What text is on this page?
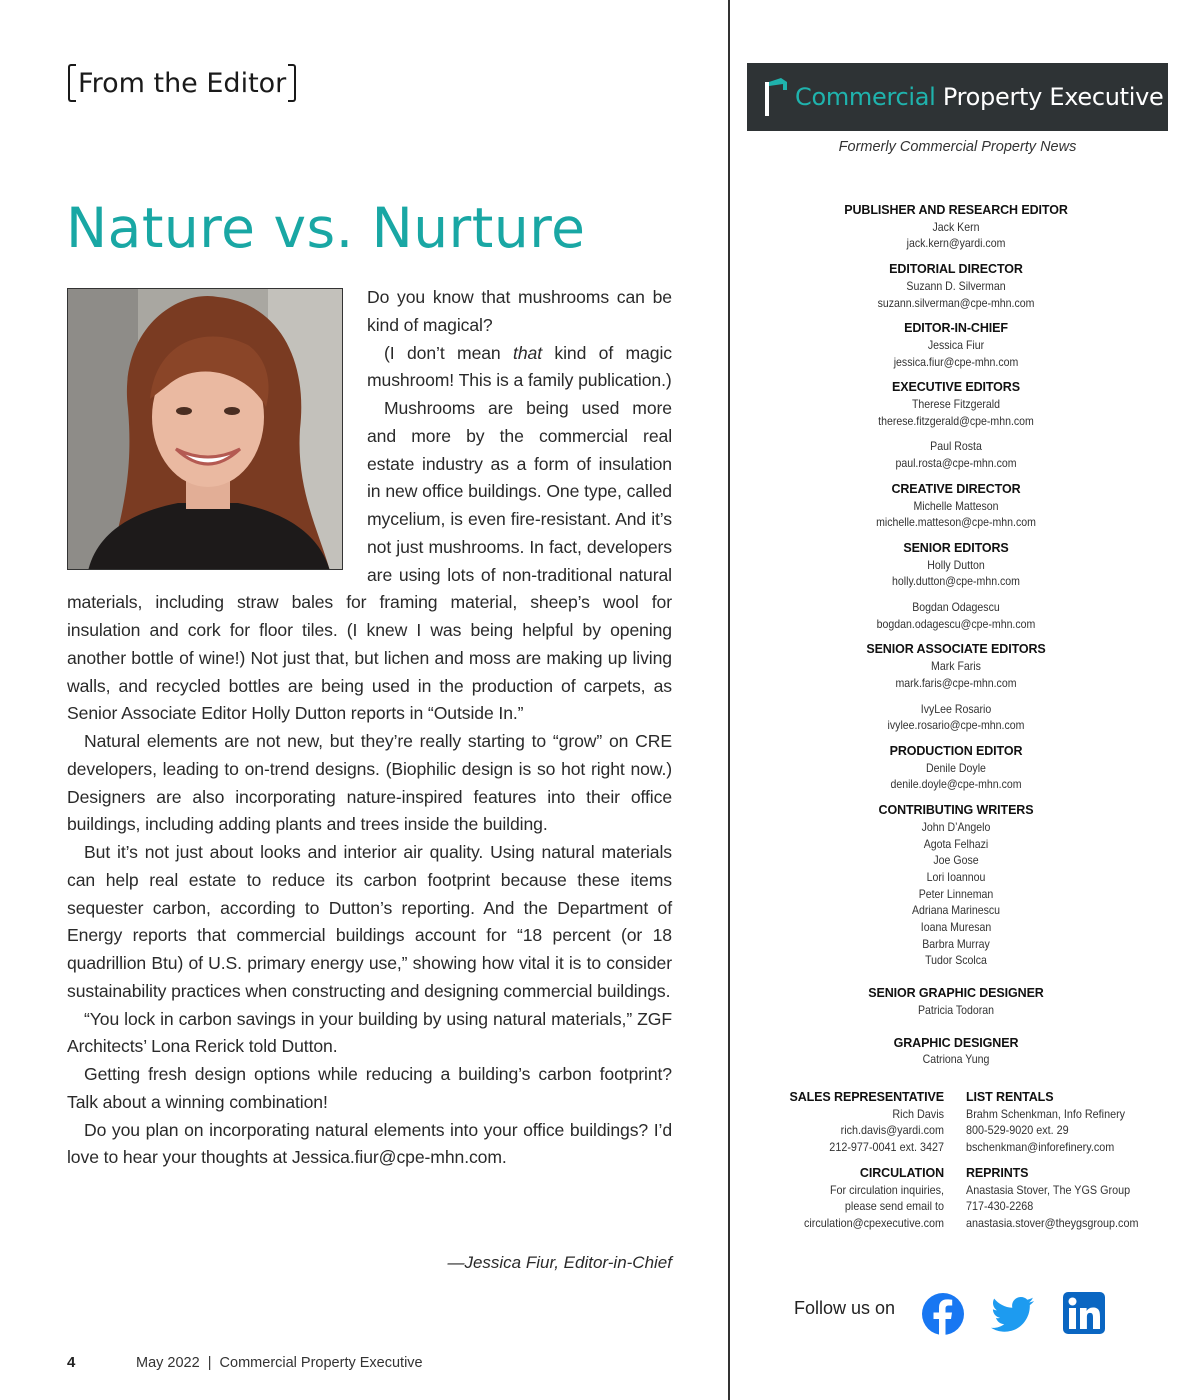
From the Editor
Nature vs. Nurture

Do you know that mushrooms can be kind of magical?

(I don’t mean that kind of magic mushroom! This is a family publication.)

Mushrooms are being used more and more by the commercial real estate industry as a form of insulation in new office buildings. One type, called mycelium, is even fire-resistant. And it’s not just mushrooms. In fact, developers are using lots of non-traditional natural materials, including straw bales for framing material, sheep’s wool for insulation and cork for floor tiles. (I knew I was being helpful by opening another bottle of wine!) Not just that, but lichen and moss are making up living walls, and recycled bottles are being used in the production of carpets, as Senior Associate Editor Holly Dutton reports in “Outside In.”

Natural elements are not new, but they’re really starting to “grow” on CRE developers, leading to on-trend designs. (Biophilic design is so hot right now.) Designers are also incorporating nature-inspired features into their office buildings, including adding plants and trees inside the building.

But it’s not just about looks and interior air quality. Using natural materials can help real estate to reduce its carbon footprint because these items sequester carbon, according to Dutton’s reporting. And the Department of Energy reports that commercial buildings account for “18 percent (or 18 quadrillion Btu) of U.S. primary energy use,” showing how vital it is to consider sustainability practices when constructing and designing commercial buildings.

“You lock in carbon savings in your building by using natural materials,” ZGF Architects’ Lona Rerick told Dutton.

Getting fresh design options while reducing a building’s carbon footprint? Talk about a winning combination!

Do you plan on incorporating natural elements into your office buildings? I’d love to hear your thoughts at Jessica.fiur@cpe-mhn.com.

—Jessica Fiur, Editor-in-Chief
4	May 2022  |  Commercial Property Executive
Commercial Property Executive
Formerly Commercial Property News
PUBLISHER AND RESEARCH EDITOR
Jack Kern
jack.kern@yardi.com
EDITORIAL DIRECTOR
Suzann D. Silverman
suzann.silverman@cpe-mhn.com
EDITOR-IN-CHIEF
Jessica Fiur
jessica.fiur@cpe-mhn.com
EXECUTIVE EDITORS
Therese Fitzgerald
therese.fitzgerald@cpe-mhn.com
Paul Rosta
paul.rosta@cpe-mhn.com
CREATIVE DIRECTOR
Michelle Matteson
michelle.matteson@cpe-mhn.com
SENIOR EDITORS
Holly Dutton
holly.dutton@cpe-mhn.com
Bogdan Odagescu
bogdan.odagescu@cpe-mhn.com
SENIOR ASSOCIATE EDITORS
Mark Faris
mark.faris@cpe-mhn.com
IvyLee Rosario
ivylee.rosario@cpe-mhn.com
PRODUCTION EDITOR
Denile Doyle
denile.doyle@cpe-mhn.com
CONTRIBUTING WRITERS
John D’Angelo
Agota Felhazi
Joe Gose
Lori Ioannou
Peter Linneman
Adriana Marinescu
Ioana Muresan
Barbra Murray
Tudor Scolca
SENIOR GRAPHIC DESIGNER
Patricia Todoran
GRAPHIC DESIGNER
Catriona Yung
SALES REPRESENTATIVE
Rich Davis
rich.davis@yardi.com
212-977-0041 ext. 3427
CIRCULATION
For circulation inquiries,
please send email to
circulation@cpexecutive.com
LIST RENTALS
Brahm Schenkman, Info Refinery
800-529-9020 ext. 29
bschenkman@inforefinery.com
REPRINTS
Anastasia Stover, The YGS Group
717-430-2268
anastasia.stover@theygsgroup.com
Follow us on
